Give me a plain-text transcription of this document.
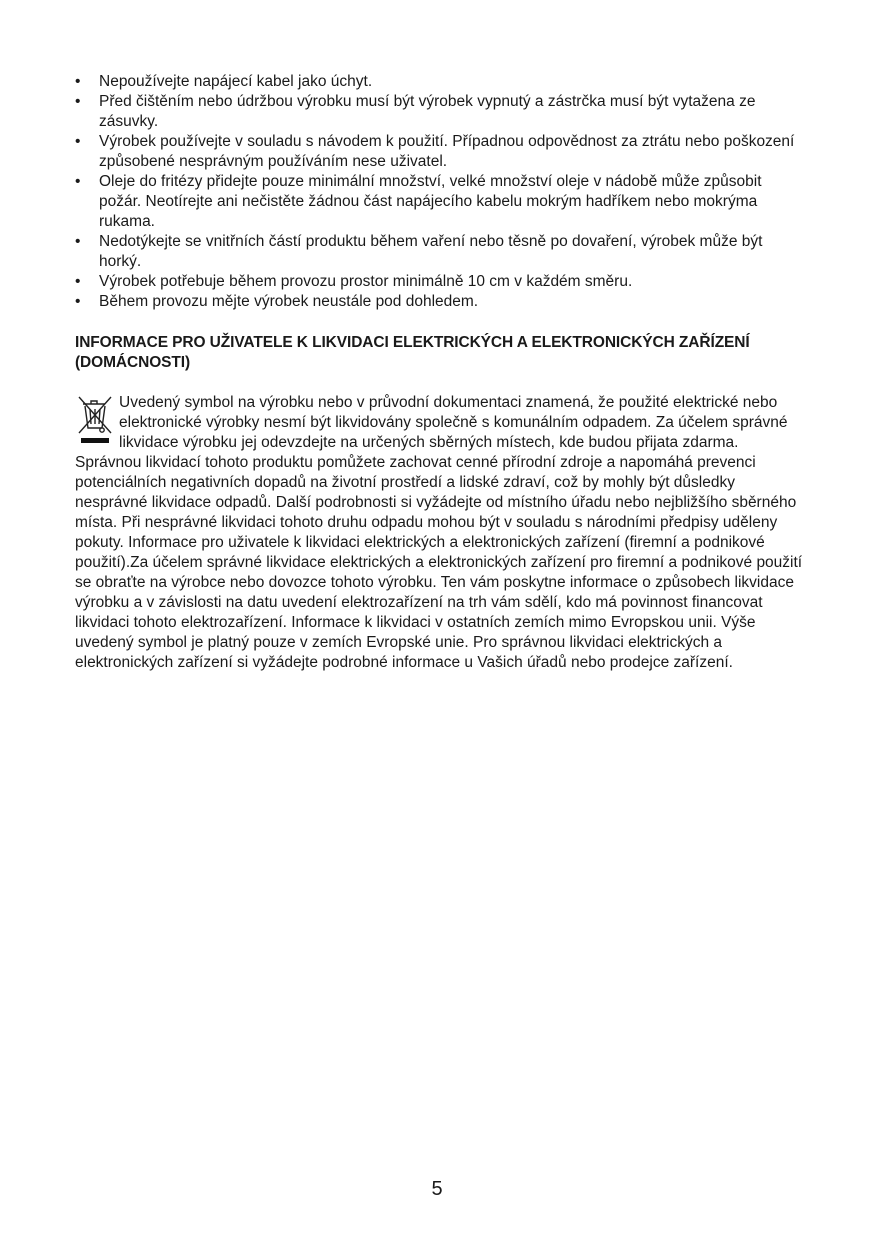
• Nepoužívejte napájecí kabel jako úchyt.
• Před čištěním nebo údržbou výrobku musí být výrobek vypnutý a zástrčka musí být vytažena ze zásuvky.
• Výrobek používejte v souladu s návodem k použití. Případnou odpovědnost za ztrátu nebo poškození způsobené nesprávným používáním nese uživatel.
• Oleje do fritézy přidejte pouze minimální množství, velké množství oleje v nádobě může způsobit požár. Neotírejte ani nečistěte žádnou část napájecího kabelu mokrým hadříkem nebo mokrýma rukama.
• Nedotýkejte se vnitřních částí produktu během vaření nebo těsně po dovaření, výrobek může být horký.
• Výrobek potřebuje během provozu prostor minimálně 10 cm v každém směru.
• Během provozu mějte výrobek neustále pod dohledem.
INFORMACE PRO UŽIVATELE K LIKVIDACI ELEKTRICKÝCH A ELEKTRONICKÝCH ZAŘÍZENÍ (DOMÁCNOSTI)
Uvedený symbol na výrobku nebo v průvodní dokumentaci znamená, že použité elektrické nebo elektronické výrobky nesmí být likvidovány společně s komunálním odpadem. Za účelem správné likvidace výrobku jej odevzdejte na určených sběrných místech, kde budou přijata zdarma. Správnou likvidací tohoto produktu pomůžete zachovat cenné přírodní zdroje a napomáhá prevenci potenciálních negativních dopadů na životní prostředí a lidské zdraví, což by mohly být důsledky nesprávné likvidace odpadů. Další podrobnosti si vyžádejte od místního úřadu nebo nejbližšího sběrného místa. Při nesprávné likvidaci tohoto druhu odpadu mohou být v souladu s národními předpisy uděleny pokuty. Informace pro uživatele k likvidaci elektrických a elektronických zařízení (firemní a podnikové použití).Za účelem správné likvidace elektrických a elektronických zařízení pro firemní a podnikové použití se obraťte na výrobce nebo dovozce tohoto výrobku. Ten vám poskytne informace o způsobech likvidace výrobku a v závislosti na datu uvedení elektrozařízení na trh vám sdělí, kdo má povinnost financovat likvidaci tohoto elektrozařízení. Informace k likvidaci v ostatních zemích mimo Evropskou unii. Výše uvedený symbol je platný pouze v zemích Evropské unie. Pro správnou likvidaci elektrických a elektronických zařízení si vyžádejte podrobné informace u Vašich úřadů nebo prodejce zařízení.
5
